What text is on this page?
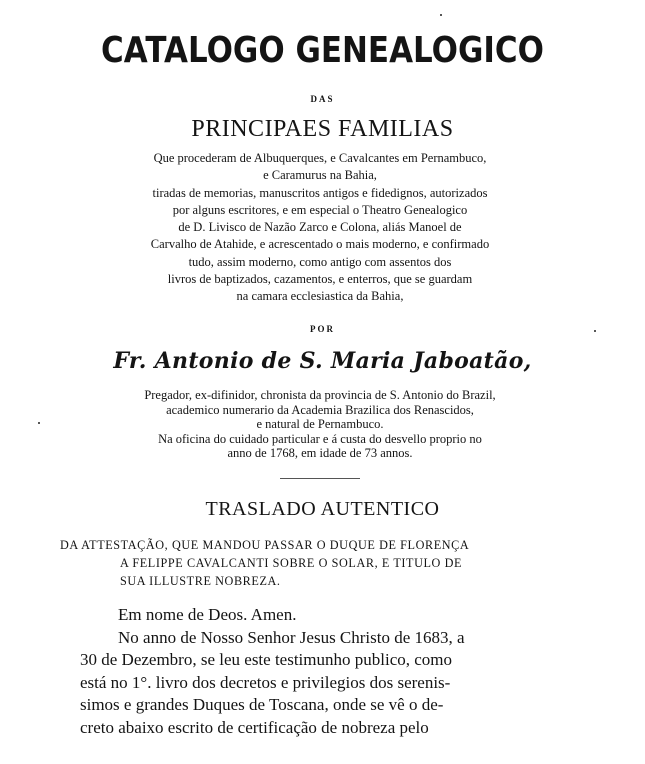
CATALOGO GENEALOGICO
DAS
PRINCIPAES FAMILIAS
Que procederam de Albuquerques, e Cavalcantes em Pernambuco,
e Caramurus na Bahia,
tiradas de memorias, manuscritos antigos e fidedignos, autorizados
por alguns escritores, e em especial o Theatro Genealogico
de D. Livisco de Nazão Zarco e Colona, aliás Manoel de
Carvalho de Atahide, e acrescentado o mais moderno, e confirmado
tudo, assim moderno, como antigo com assentos dos
livros de baptizados, cazamentos, e enterros, que se guardam
na camara ecclesiastica da Bahia,
POR
Fr. Antonio de S. Maria Jaboatão,
Pregador, ex-difinidor, chronista da provincia de S. Antonio do Brazil,
academico numerario da Academia Brazilica dos Renascidos,
e natural de Pernambuco.
Na oficina do cuidado particular e á custa do desvello proprio no
anno de 1768, em idade de 73 annos.
TRASLADO AUTENTICO
DA ATTESTAÇÃO, QUE MANDOU PASSAR O DUQUE DE FLORENÇA
A FELIPPE CAVALCANTI SOBRE O SOLAR, E TITULO DE
SUA ILLUSTRE NOBREZA.
Em nome de Deos. Amen.
No anno de Nosso Senhor Jesus Christo de 1683, a
30 de Dezembro, se leu este testimunho publico, como
está no 1°. livro dos decretos e privilegios dos serenis-
simos e grandes Duques de Toscana, onde se vê o de-
creto abaixo escrito de certificação de nobreza pelo
